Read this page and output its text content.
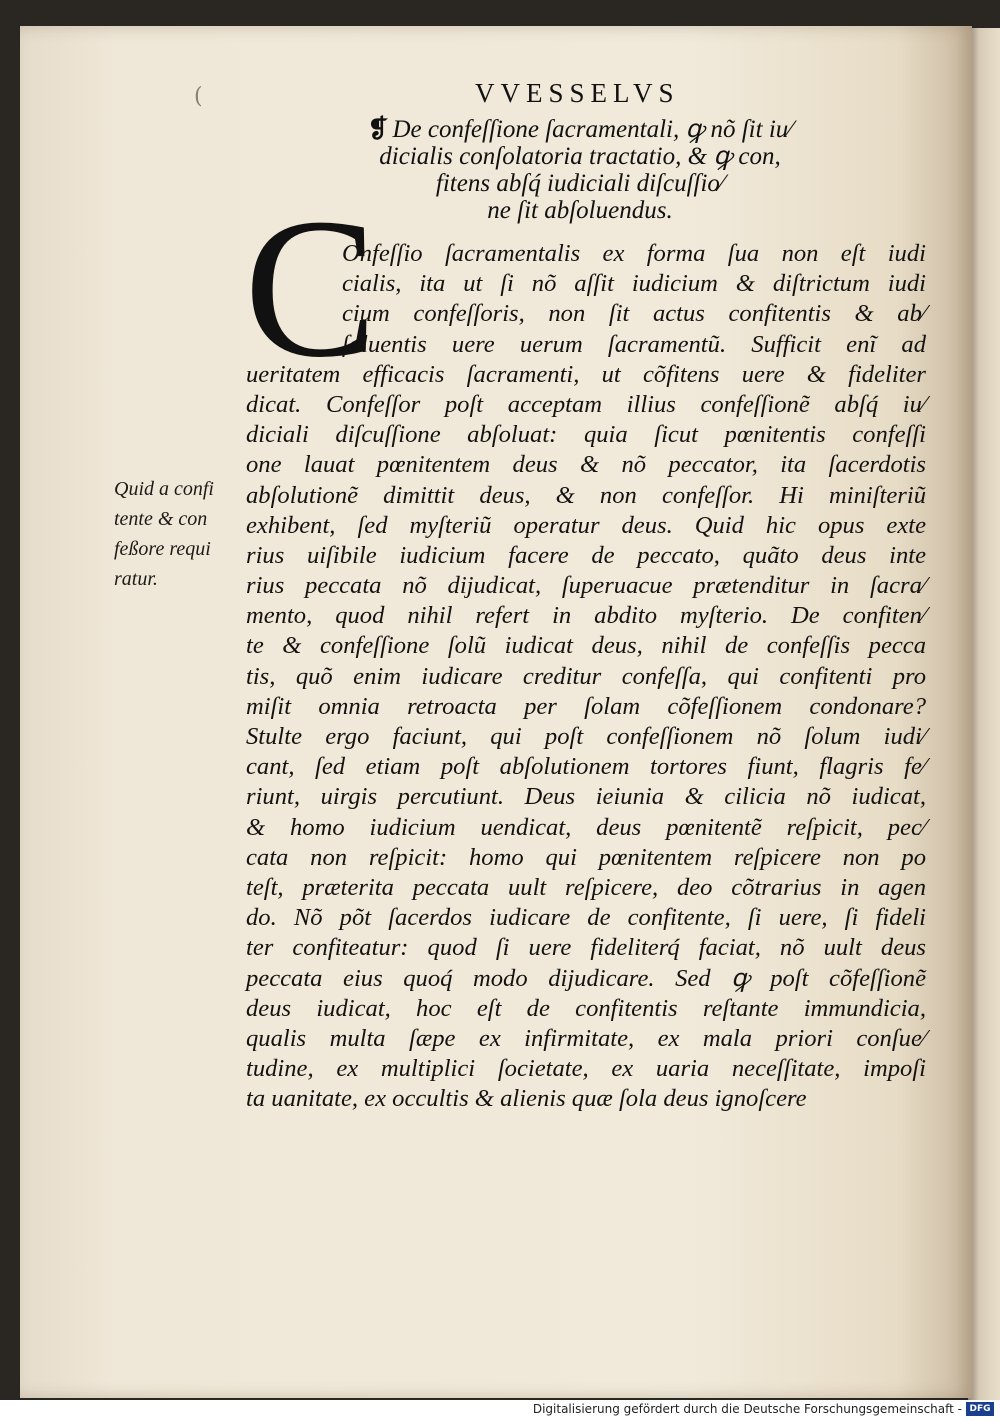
(	VVESSELVS
❡ De confeſſione ſacramentali, ꝙ nõ ſit iu⁄
dicialis conſolatoria tractatio, & ꝙ con,
fitens abſq́ iudiciali diſcuſſio⁄
ne ſit abſoluendus.
C
Quid a confi
tente & con
feßore requi
ratur.
Onfeſſio ſacramentalis ex forma ſua non eſt iudi
cialis, ita ut ſi nõ aſſit iudicium & diſtrictum iudi
cium confeſſoris, non ſit actus confitentis & ab⁄
ſoluentis uere uerum ſacramentũ. Sufficit enĩ ad
ueritatem efficacis ſacramenti, ut cõfitens uere & fideliter
dicat. Confeſſor poſt acceptam illius confeſſionẽ abſq́ iu⁄
diciali diſcuſſione abſoluat: quia ſicut pœnitentis confeſſi
one lauat pœnitentem deus & nõ peccator, ita ſacerdotis
abſolutionẽ dimittit deus, & non confeſſor. Hi miniſteriũ
exhibent, ſed myſteriũ operatur deus. Quid hic opus exte
rius uiſibile iudicium facere de peccato, quãto deus inte
rius peccata nõ dijudicat, ſuperuacue prætenditur in ſacra⁄
mento, quod nihil refert in abdito myſterio. De confiten⁄
te & confeſſione ſolũ iudicat deus, nihil de confeſſis pecca
tis, quõ enim iudicare creditur confeſſa, qui confitenti pro
miſit omnia retroacta per ſolam cõfeſſionem condonare?
Stulte ergo faciunt, qui poſt confeſſionem nõ ſolum iudi⁄
cant, ſed etiam poſt abſolutionem tortores fiunt, flagris fe⁄
riunt, uirgis percutiunt. Deus ieiunia & cilicia nõ iudicat,
& homo iudicium uendicat, deus pœnitentẽ reſpicit, pec⁄
cata non reſpicit: homo qui pœnitentem reſpicere non po
teſt, præterita peccata uult reſpicere, deo cõtrarius in agen
do. Nõ põt ſacerdos iudicare de confitente, ſi uere, ſi fideli
ter confiteatur: quod ſi uere fideliterq́ faciat, nõ uult deus
peccata eius quoq́ modo dijudicare. Sed ꝙ poſt cõfeſſionẽ
deus iudicat, hoc eſt de confitentis reſtante immundicia,
qualis multa ſæpe ex infirmitate, ex mala priori conſue⁄
tudine, ex multiplici ſocietate, ex uaria neceſſitate, impoſi
ta uanitate, ex occultis & alienis quæ ſola deus ignoſcere
Digitalisierung gefördert durch die Deutsche Forschungsgemeinschaft - DFG
